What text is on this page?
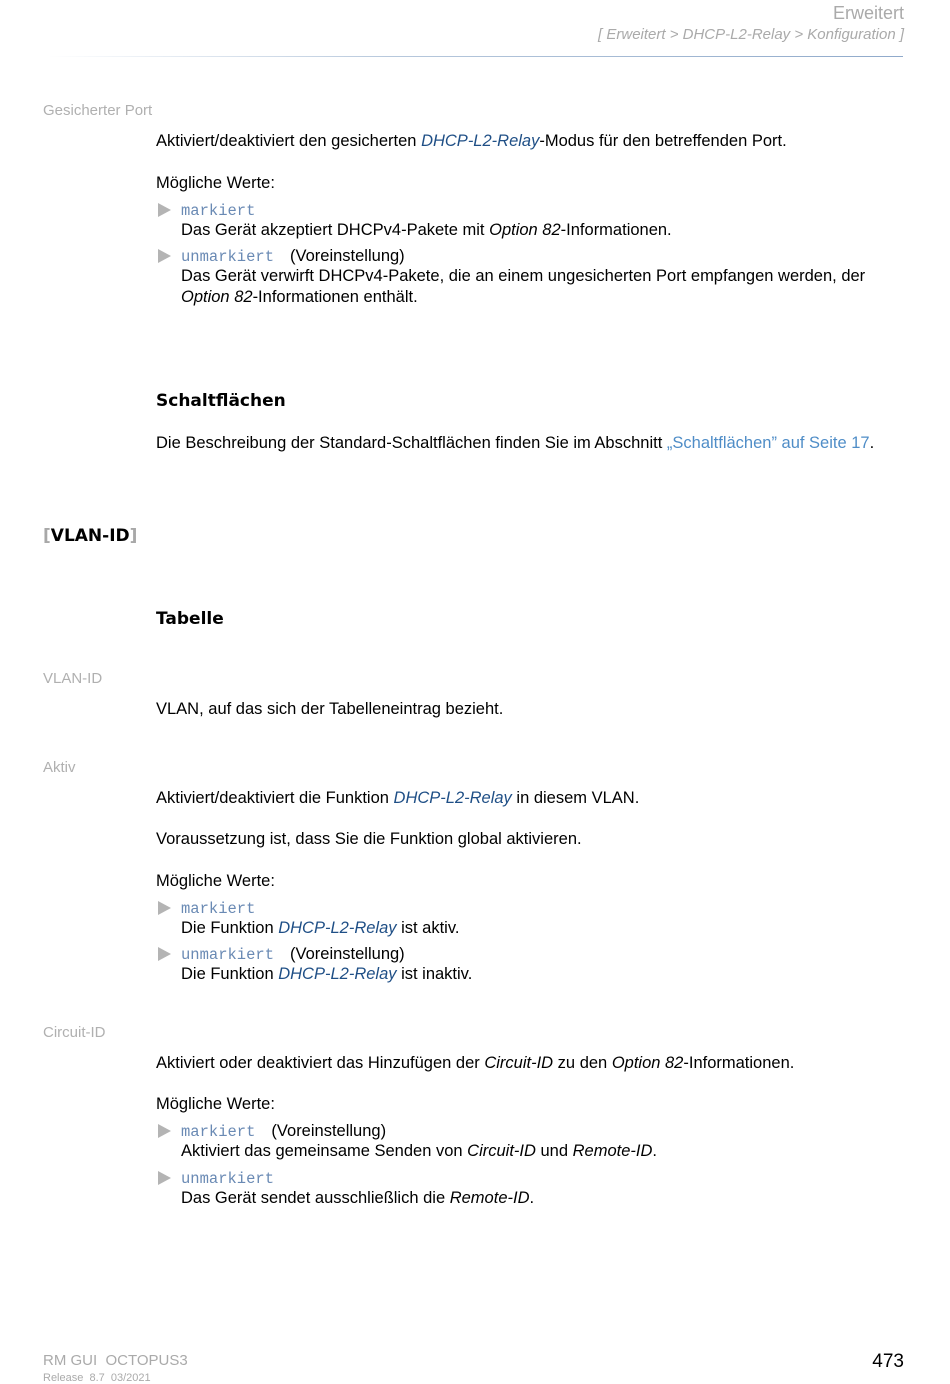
Erweitert
[ Erweitert > DHCP-L2-Relay > Konfiguration ]
Gesicherter Port
Aktiviert/deaktiviert den gesicherten DHCP-L2-Relay-Modus für den betreffenden Port.
Mögliche Werte:
markiert
Das Gerät akzeptiert DHCPv4-Pakete mit Option 82-Informationen.
unmarkiert (Voreinstellung)
Das Gerät verwirft DHCPv4-Pakete, die an einem ungesicherten Port empfangen werden, der
Option 82-Informationen enthält.
Schaltflächen
Die Beschreibung der Standard-Schaltflächen finden Sie im Abschnitt „Schaltflächen” auf Seite 17.
[VLAN-ID]
Tabelle
VLAN-ID
VLAN, auf das sich der Tabelleneintrag bezieht.
Aktiv
Aktiviert/deaktiviert die Funktion DHCP-L2-Relay in diesem VLAN.
Voraussetzung ist, dass Sie die Funktion global aktivieren.
Mögliche Werte:
markiert
Die Funktion DHCP-L2-Relay ist aktiv.
unmarkiert (Voreinstellung)
Die Funktion DHCP-L2-Relay ist inaktiv.
Circuit-ID
Aktiviert oder deaktiviert das Hinzufügen der Circuit-ID zu den Option 82-Informationen.
Mögliche Werte:
markiert (Voreinstellung)
Aktiviert das gemeinsame Senden von Circuit-ID und Remote-ID.
unmarkiert
Das Gerät sendet ausschließlich die Remote-ID.
RM GUI  OCTOPUS3
Release  8.7  03/2021
473
